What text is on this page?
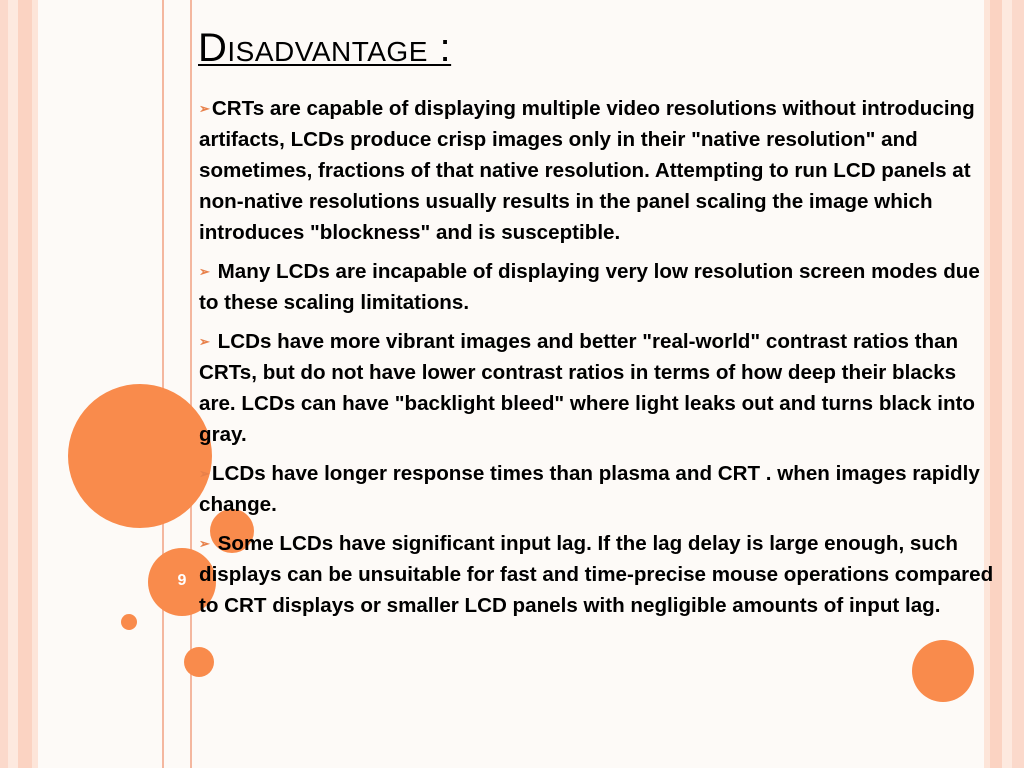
9
Disadvantage :

➢CRTs are capable of displaying multiple video resolutions without introducing artifacts, LCDs produce crisp images only in their "native resolution" and sometimes, fractions of that native resolution. Attempting to run LCD panels at non-native resolutions usually results in the panel scaling the image which introduces "blockness" and is susceptible.

➢ Many LCDs are incapable of displaying very low resolution screen modes due to these scaling limitations.

➢ LCDs have more vibrant images and better "real-world" contrast ratios than CRTs, but do not have lower contrast ratios in terms of how deep their blacks are. LCDs can have "backlight bleed" where light leaks out and turns black into gray.

➢LCDs have longer response times than plasma and CRT . when images rapidly change.

➢ Some LCDs have significant input lag. If the lag delay is large enough, such displays can be unsuitable for fast and time-precise mouse operations compared to CRT displays or smaller LCD panels with negligible amounts of input lag.
